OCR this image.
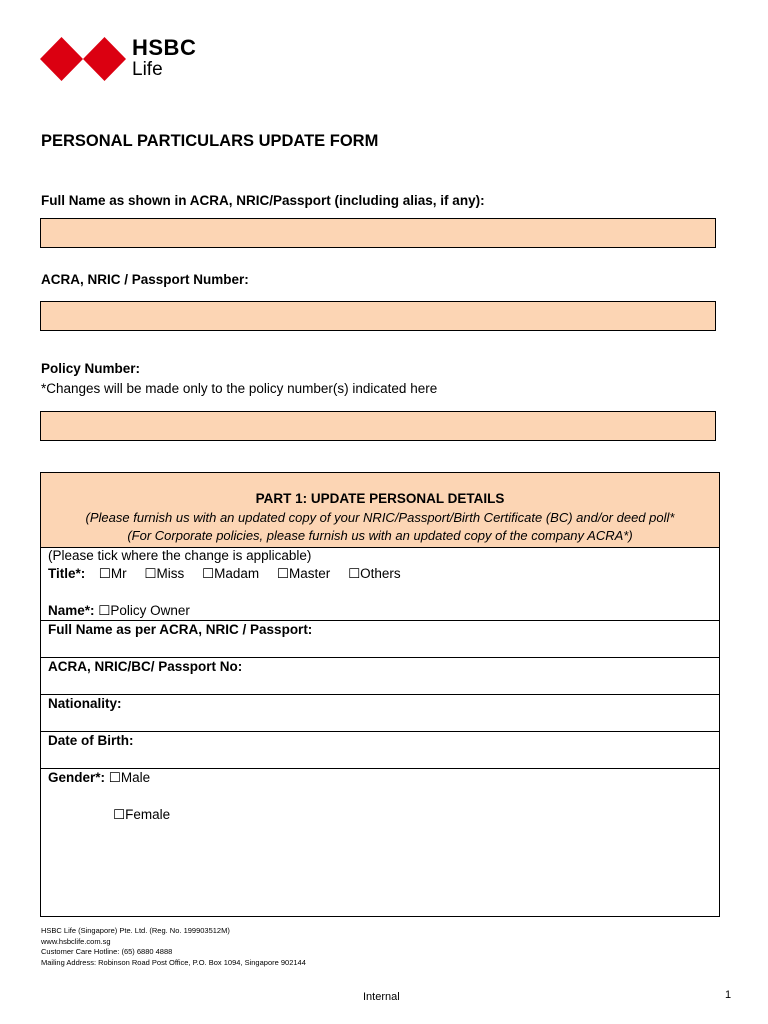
HSBC
Life
PERSONAL PARTICULARS UPDATE FORM
Full Name as shown in ACRA, NRIC/Passport (including alias, if any):
ACRA, NRIC / Passport Number:
Policy Number:
*Changes will be made only to the policy number(s) indicated here
PART 1: UPDATE PERSONAL DETAILS
(Please furnish us with an updated copy of your NRIC/Passport/Birth Certificate (BC) and/or deed poll*
(For Corporate policies, please furnish us with an updated copy of the company ACRA*)
(Please tick where the change is applicable)
Title*: ☐Mr ☐Miss ☐Madam ☐Master ☐Others
Name*: ☐Policy Owner
Full Name as per ACRA, NRIC / Passport:
ACRA, NRIC/BC/ Passport No:
Nationality:
Date of Birth:
Gender*: ☐Male
☐Female
HSBC Life (Singapore) Pte. Ltd. (Reg. No. 199903512M)
www.hsbclife.com.sg
Customer Care Hotline: (65) 6880 4888
Mailing Address: Robinson Road Post Office, P.O. Box 1094, Singapore 902144
Internal	1
